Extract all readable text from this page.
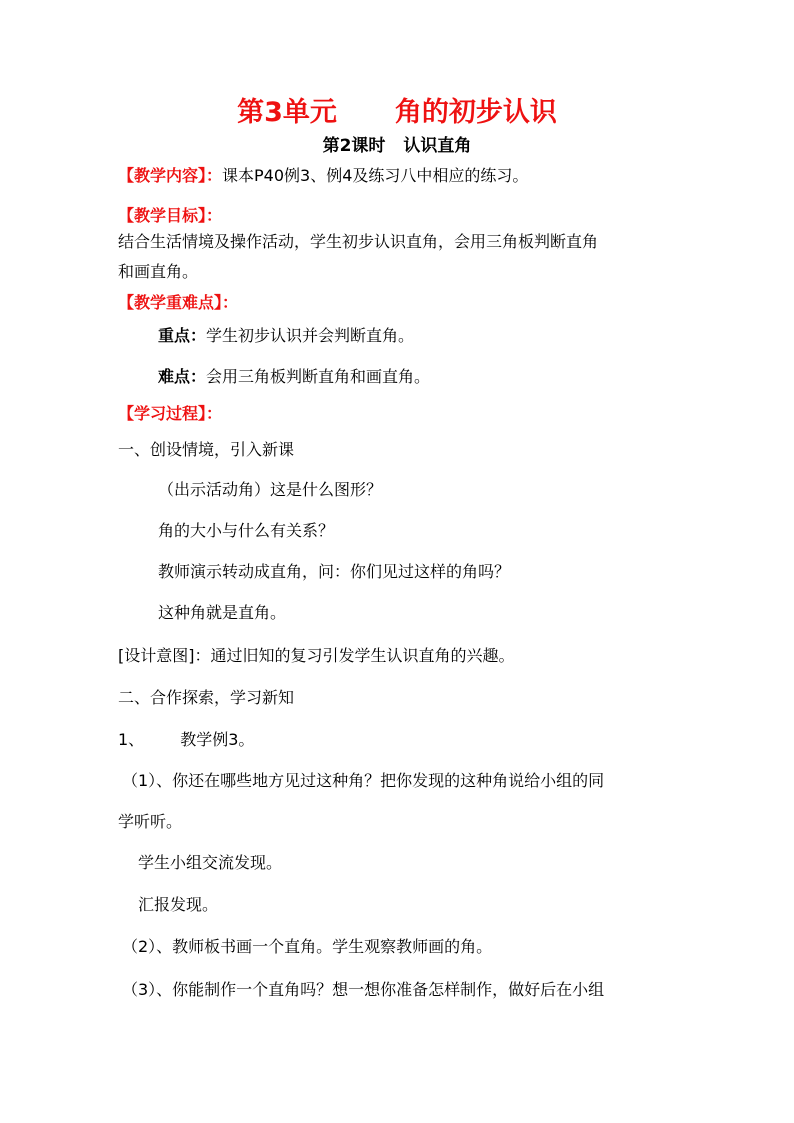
第3单元 角的初步认识
第2课时 认识直角
【教学内容】：课本P40例3、例4及练习八中相应的练习。
【教学目标】：
结合生活情境及操作活动，学生初步认识直角，会用三角板判断直角
和画直角。
【教学重难点】：
重点：学生初步认识并会判断直角。
难点：会用三角板判断直角和画直角。
【学习过程】：
一、创设情境，引入新课
（出示活动角）这是什么图形？
角的大小与什么有关系？
教师演示转动成直角，问：你们见过这样的角吗？
这种角就是直角。
[设计意图]：通过旧知的复习引发学生认识直角的兴趣。
二、合作探索，学习新知
1、 教学例3。
（1）、你还在哪些地方见过这种角？把你发现的这种角说给小组的同
学听听。
学生小组交流发现。
汇报发现。
（2）、教师板书画一个直角。学生观察教师画的角。
（3）、你能制作一个直角吗？想一想你准备怎样制作，做好后在小组
